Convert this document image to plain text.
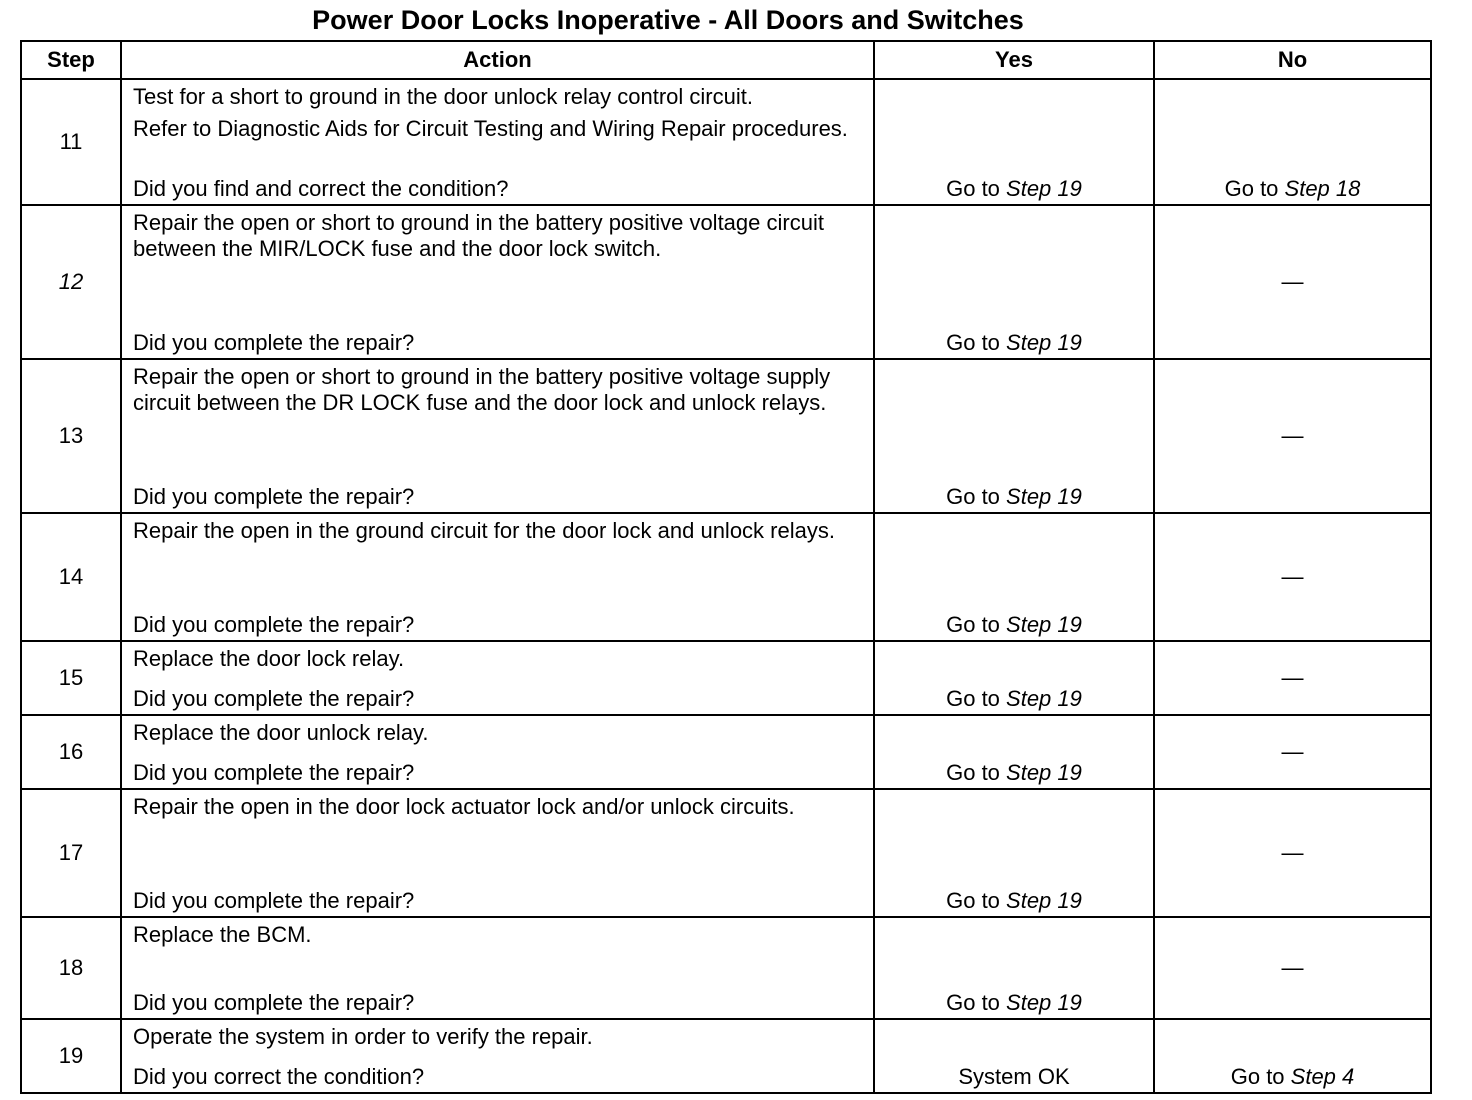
Power Door Locks Inoperative - All Doors and Switches
Step	Action	Yes	No
11	Test for a short to ground in the door unlock relay control circuit.

Refer to Diagnostic Aids for Circuit Testing and Wiring Repair procedures.

Did you find and correct the condition?	Go to Step 19	Go to Step 18
12	Repair the open or short to ground in the battery positive voltage circuit between the MIR/LOCK fuse and the door lock switch.

Did you complete the repair?	Go to Step 19	—
13	Repair the open or short to ground in the battery positive voltage supply circuit between the DR LOCK fuse and the door lock and unlock relays.

Did you complete the repair?	Go to Step 19	—
14	Repair the open in the ground circuit for the door lock and unlock relays.

Did you complete the repair?	Go to Step 19	—
15	Replace the door lock relay.

Did you complete the repair?	Go to Step 19	—
16	Replace the door unlock relay.

Did you complete the repair?	Go to Step 19	—
17	Repair the open in the door lock actuator lock and/or unlock circuits.

Did you complete the repair?	Go to Step 19	—
18	Replace the BCM.

Did you complete the repair?	Go to Step 19	—
19	Operate the system in order to verify the repair.

Did you correct the condition?	System OK	Go to Step 4
